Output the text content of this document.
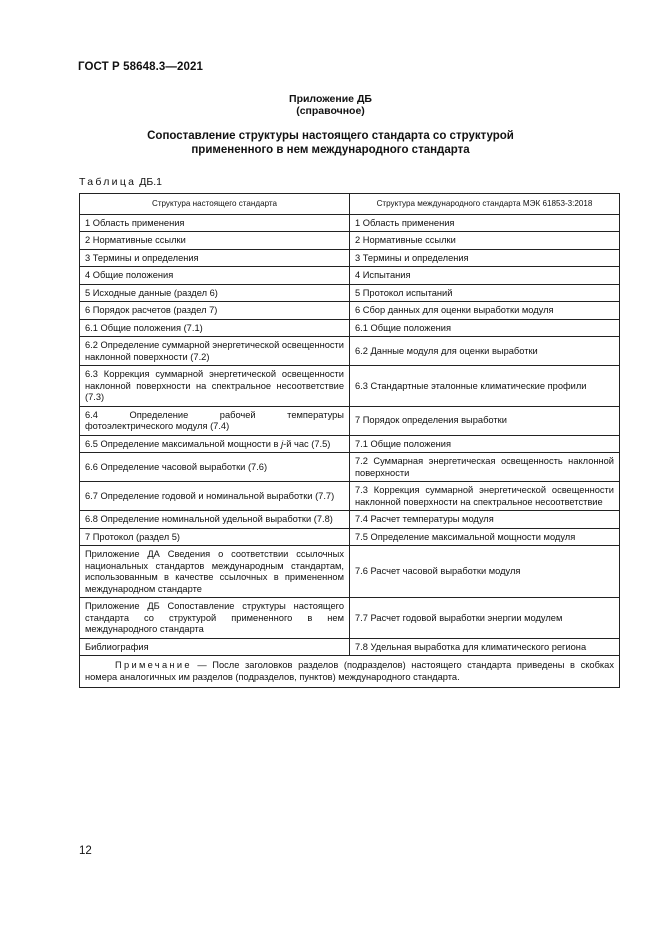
ГОСТ Р 58648.3—2021
Приложение ДБ
(справочное)
Сопоставление структуры настоящего стандарта со структурой
примененного в нем международного стандарта
Таблица ДБ.1
Структура настоящего стандарта	Структура международного стандарта МЭК 61853-3:2018
1 Область применения	1 Область применения
2 Нормативные ссылки	2 Нормативные ссылки
3 Термины и определения	3 Термины и определения
4 Общие положения	4 Испытания
5 Исходные данные (раздел 6)	5 Протокол испытаний
6 Порядок расчетов (раздел 7)	6 Сбор данных для оценки выработки модуля
6.1 Общие положения (7.1)	6.1 Общие положения
6.2 Определение суммарной энергетической освещенности наклонной поверхности (7.2)	6.2 Данные модуля для оценки выработки
6.3 Коррекция суммарной энергетической освещенности наклонной поверхности на спектральное несоответствие (7.3)	6.3 Стандартные эталонные климатические профили
6.4 Определение рабочей температуры фотоэлектрического модуля (7.4)	7 Порядок определения выработки
6.5 Определение максимальной мощности в j-й час (7.5)	7.1 Общие положения
6.6 Определение часовой выработки (7.6)	7.2 Суммарная энергетическая освещенность наклонной поверхности
6.7 Определение годовой и номинальной выработки (7.7)	7.3 Коррекция суммарной энергетической освещенности наклонной поверхности на спектральное несоответствие
6.8 Определение номинальной удельной выработки (7.8)	7.4 Расчет температуры модуля
7 Протокол (раздел 5)	7.5 Определение максимальной мощности модуля
Приложение ДА Сведения о соответствии ссылочных национальных стандартов международным стандартам, использованным в качестве ссылочных в примененном международном стандарте	7.6 Расчет часовой выработки модуля
Приложение ДБ Сопоставление структуры настоящего стандарта со структурой примененного в нем международного стандарта	7.7 Расчет годовой выработки энергии модулем
Библиография	7.8 Удельная выработка для климатического региона
Примечание — После заголовков разделов (подразделов) настоящего стандарта приведены в скобках номера аналогичных им разделов (подразделов, пунктов) международного стандарта.	
12
